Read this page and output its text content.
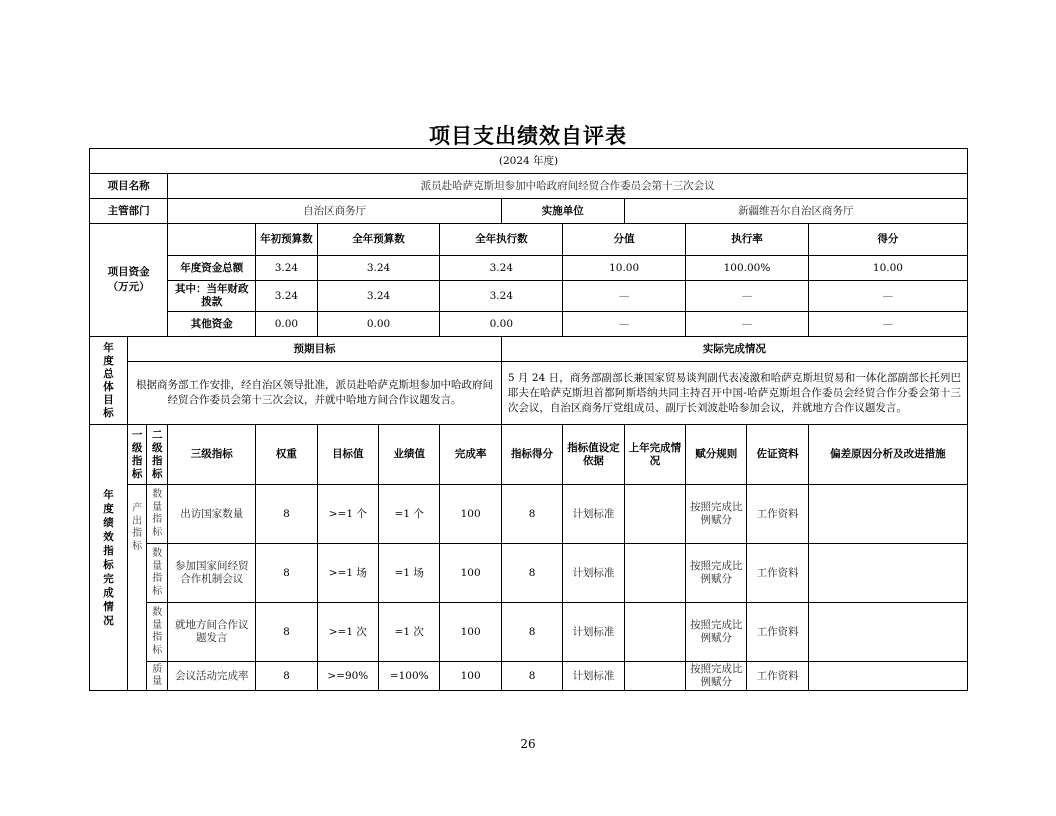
项目支出绩效自评表
(2024 年度)													
项目名称			派员赴哈萨克斯坦参加中哈政府间经贸合作委员会第十三次会议										
主管部门			自治区商务厅					实施单位		新疆维吾尔自治区商务厅			

项目资金（万元）				年初预算数	全年预算数		全年执行数		分值		执行率		得分
			年度资金总额	3.24	3.24		3.24		10.00		100.00%		10.00
			其中：当年财政拨款	3.24	3.24		3.24		—		—		—
			其他资金	0.00	0.00		0.00		—		—		—

年度总体目标	预期目标							实际完成情况					
	根据商务部工作安排，经自治区领导批准，派员赴哈萨克斯坦参加中哈政府间经贸合作委员会第十三次会议，并就中哈地方间合作议题发言。							5 月 24 日，商务部副部长兼国家贸易谈判副代表凌激和哈萨克斯坦贸易和一体化部副部长托列巴耶夫在哈萨克斯坦首都阿斯塔纳共同主持召开中国-哈萨克斯坦合作委员会经贸合作分委会第十三次会议，自治区商务厅党组成员、副厅长刘波赴哈参加会议，并就地方合作议题发言。					

年度绩效指标完成情况	一级指标	二级指标	三级指标	权重	目标值	业绩值	完成率	指标得分	指标值设定依据	上年完成情况	赋分规则	佐证资料	偏差原因分析及改进措施

	产出指标	数量指标	出访国家数量	8	>=1 个	=1 个	100	8	计划标准		按照完成比例赋分	工作资料	

		数量指标	参加国家间经贸合作机制会议	8	>=1 场	=1 场	100	8	计划标准		按照完成比例赋分	工作资料	

		数量指标	就地方间合作议题发言	8	>=1 次	=1 次	100	8	计划标准		按照完成比例赋分	工作资料	

		质量	会议活动完成率	8	>=90%	=100%	100	8	计划标准		按照完成比例赋分	工作资料	
26
